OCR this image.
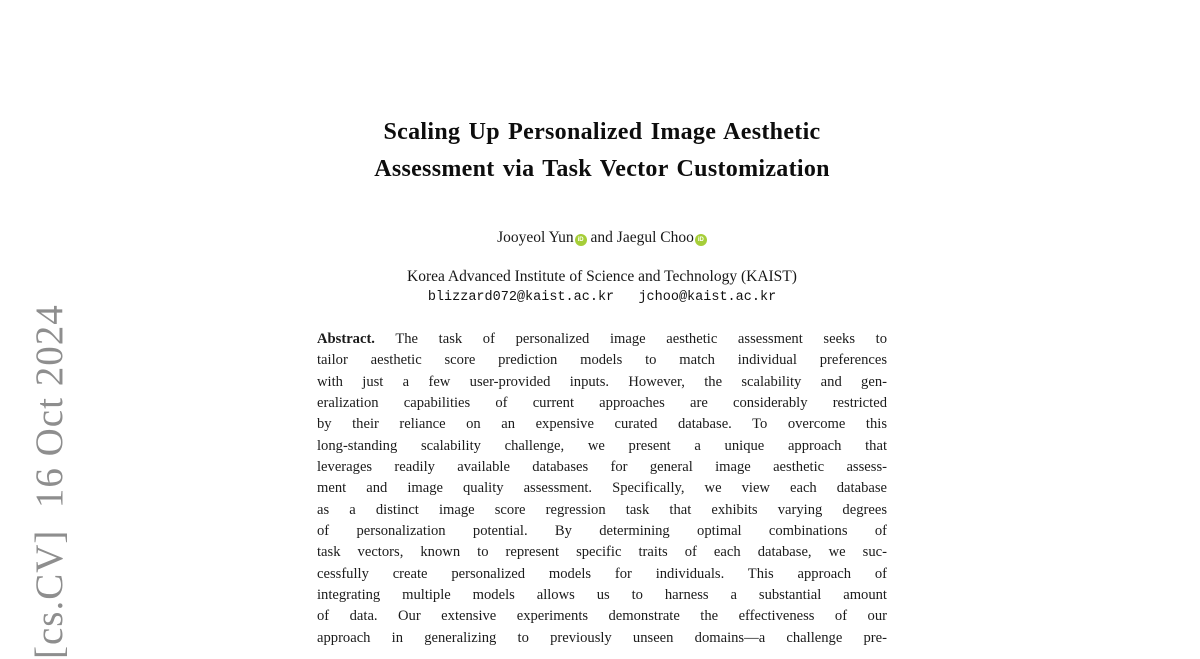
[cs.CV]  16 Oct 2024
Scaling Up Personalized Image Aesthetic
Assessment via Task Vector Customization
Jooyeol Yun iD and Jaegul Choo iD
Korea Advanced Institute of Science and Technology (KAIST)
blizzard072@kaist.ac.kr   jchoo@kaist.ac.kr
Abstract. The task of personalized image aesthetic assessment seeks to
tailor aesthetic score prediction models to match individual preferences
with just a few user-provided inputs. However, the scalability and gen-
eralization capabilities of current approaches are considerably restricted
by their reliance on an expensive curated database. To overcome this
long-standing scalability challenge, we present a unique approach that
leverages readily available databases for general image aesthetic assess-
ment and image quality assessment. Specifically, we view each database
as a distinct image score regression task that exhibits varying degrees
of personalization potential. By determining optimal combinations of
task vectors, known to represent specific traits of each database, we suc-
cessfully create personalized models for individuals. This approach of
integrating multiple models allows us to harness a substantial amount
of data. Our extensive experiments demonstrate the effectiveness of our
approach in generalizing to previously unseen domains—a challenge pre-
